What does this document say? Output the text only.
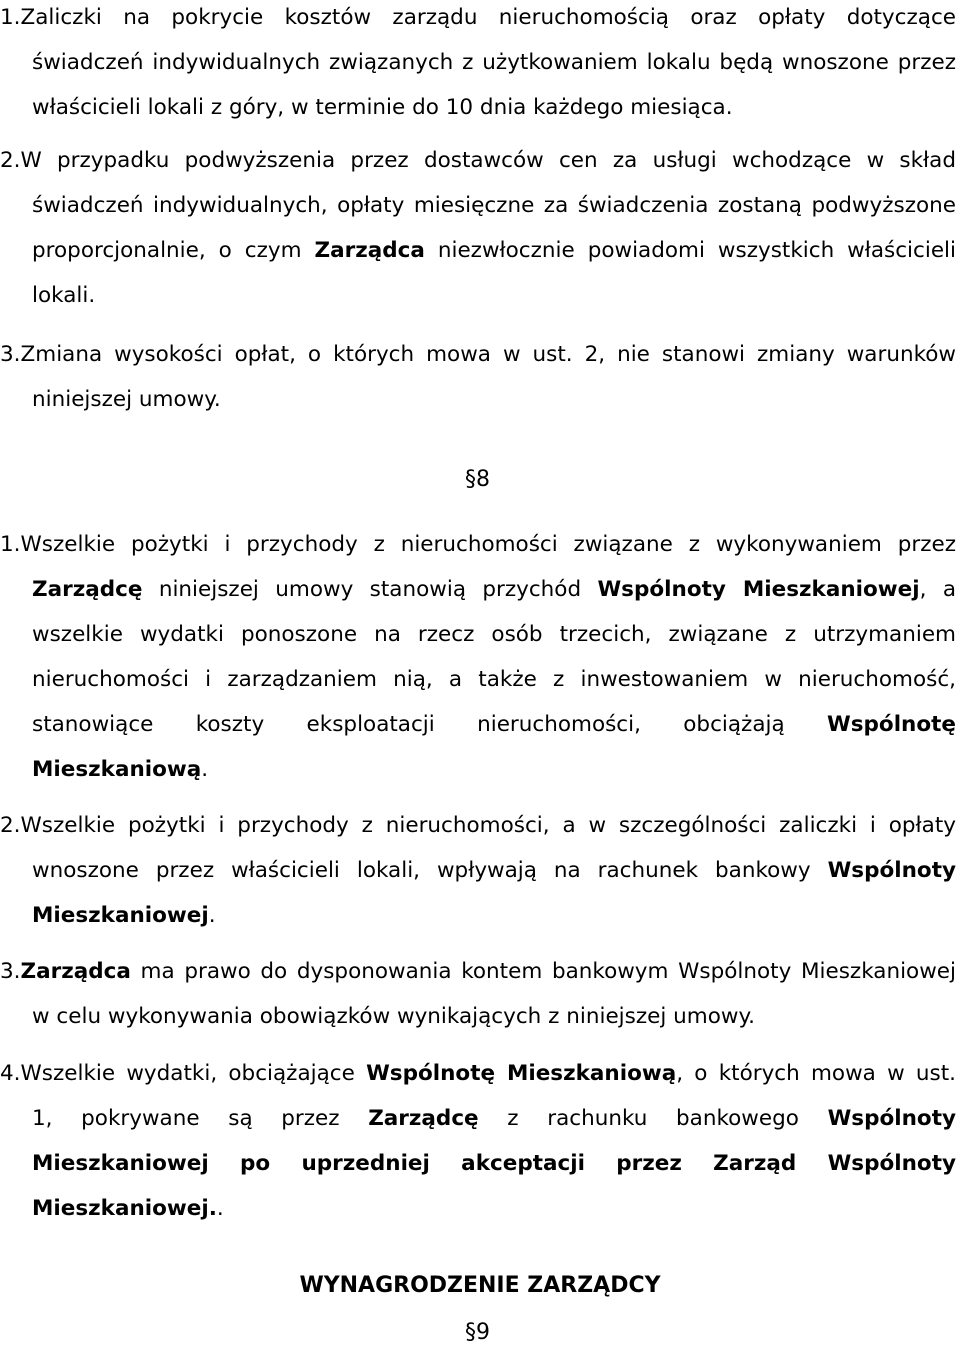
1.Zaliczki na pokrycie kosztów zarządu nieruchomością oraz opłaty dotyczące
świadczeń indywidualnych związanych z użytkowaniem lokalu będą wnoszone przez
właścicieli lokali z góry, w terminie do 10 dnia każdego miesiąca.
2.W przypadku podwyższenia przez dostawców cen za usługi wchodzące w skład
świadczeń indywidualnych, opłaty miesięczne za świadczenia zostaną podwyższone
proporcjonalnie, o czym Zarządca niezwłocznie powiadomi wszystkich właścicieli
lokali.
3.Zmiana wysokości opłat, o których mowa w ust. 2, nie stanowi zmiany warunków
niniejszej umowy.
§8
1.Wszelkie pożytki i przychody z nieruchomości związane z wykonywaniem przez
Zarządcę niniejszej umowy stanowią przychód Wspólnoty Mieszkaniowej, a
wszelkie wydatki ponoszone na rzecz osób trzecich, związane z utrzymaniem
nieruchomości i zarządzaniem nią, a także z inwestowaniem w nieruchomość,
stanowiące koszty eksploatacji nieruchomości, obciążają Wspólnotę
Mieszkaniową.
2.Wszelkie pożytki i przychody z nieruchomości, a w szczególności zaliczki i opłaty
wnoszone przez właścicieli lokali, wpływają na rachunek bankowy Wspólnoty
Mieszkaniowej.
3.Zarządca ma prawo do dysponowania kontem bankowym Wspólnoty Mieszkaniowej
w celu wykonywania obowiązków wynikających z niniejszej umowy.
4.Wszelkie wydatki, obciążające Wspólnotę Mieszkaniową, o których mowa w ust.
1, pokrywane są przez Zarządcę z rachunku bankowego Wspólnoty
Mieszkaniowej po uprzedniej akceptacji przez Zarząd Wspólnoty
Mieszkaniowej..
WYNAGRODZENIE ZARZĄDCY
§9
